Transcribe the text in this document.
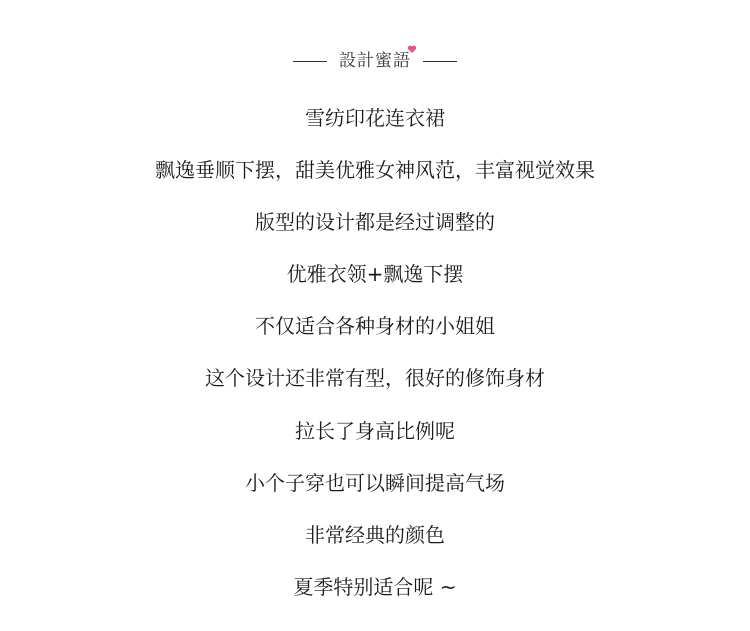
設計蜜語
雪纺印花连衣裙
飘逸垂顺下摆，甜美优雅女神风范，丰富视觉效果
版型的设计都是经过调整的
优雅衣领+飘逸下摆
不仅适合各种身材的小姐姐
这个设计还非常有型，很好的修饰身材
拉长了身高比例呢
小个子穿也可以瞬间提高气场
非常经典的颜色
夏季特别适合呢 ~
